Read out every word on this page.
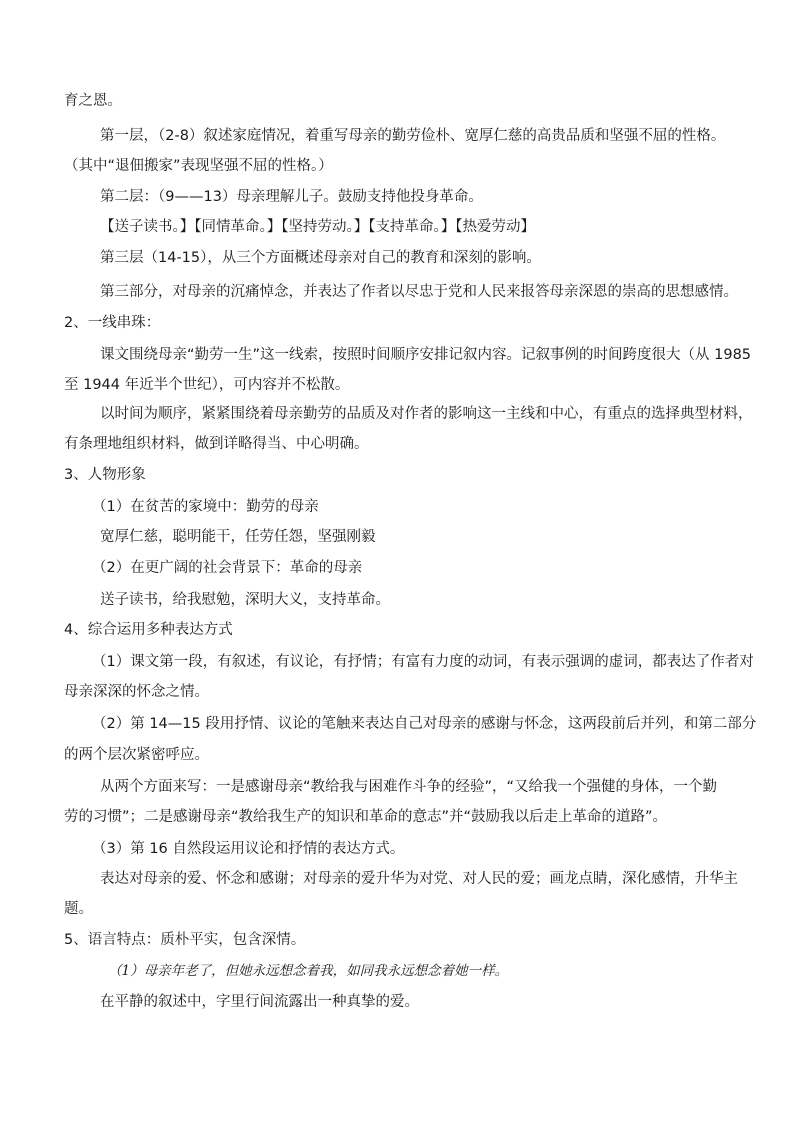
育之恩。
第一层，（2-8）叙述家庭情况，着重写母亲的勤劳俭朴、宽厚仁慈的高贵品质和坚强不屈的性格。
（其中“退佃搬家”表现坚强不屈的性格。）
第二层：（9——13）母亲理解儿子。鼓励支持他投身革命。
【送子读书。】【同情革命。】【坚持劳动。】【支持革命。】【热爱劳动】
第三层（14-15），从三个方面概述母亲对自己的教育和深刻的影响。
第三部分，对母亲的沉痛悼念，并表达了作者以尽忠于党和人民来报答母亲深恩的崇高的思想感情。
2、一线串珠：
课文围绕母亲“勤劳一生”这一线索，按照时间顺序安排记叙内容。记叙事例的时间跨度很大（从 1985
至 1944 年近半个世纪），可内容并不松散。
以时间为顺序，紧紧围绕着母亲勤劳的品质及对作者的影响这一主线和中心，有重点的选择典型材料，
有条理地组织材料，做到详略得当、中心明确。
3、人物形象
（1）在贫苦的家境中：勤劳的母亲
宽厚仁慈，聪明能干，任劳任怨，坚强刚毅
（2）在更广阔的社会背景下：革命的母亲
送子读书，给我慰勉，深明大义，支持革命。
4、综合运用多种表达方式
（1）课文第一段，有叙述，有议论，有抒情；有富有力度的动词，有表示强调的虚词，都表达了作者对
母亲深深的怀念之情。
（2）第 14—15 段用抒情、议论的笔触来表达自己对母亲的感谢与怀念，这两段前后并列，和第二部分
的两个层次紧密呼应。
从两个方面来写：一是感谢母亲“教给我与困难作斗争的经验”，“又给我一个强健的身体，一个勤
劳的习惯”；二是感谢母亲“教给我生产的知识和革命的意志”并“鼓励我以后走上革命的道路”。
（3）第 16 自然段运用议论和抒情的表达方式。
表达对母亲的爱、怀念和感谢；对母亲的爱升华为对党、对人民的爱；画龙点睛，深化感情，升华主
题。
5、语言特点：质朴平实，包含深情。
（1）母亲年老了，但她永远想念着我，如同我永远想念着她一样。
在平静的叙述中，字里行间流露出一种真挚的爱。
